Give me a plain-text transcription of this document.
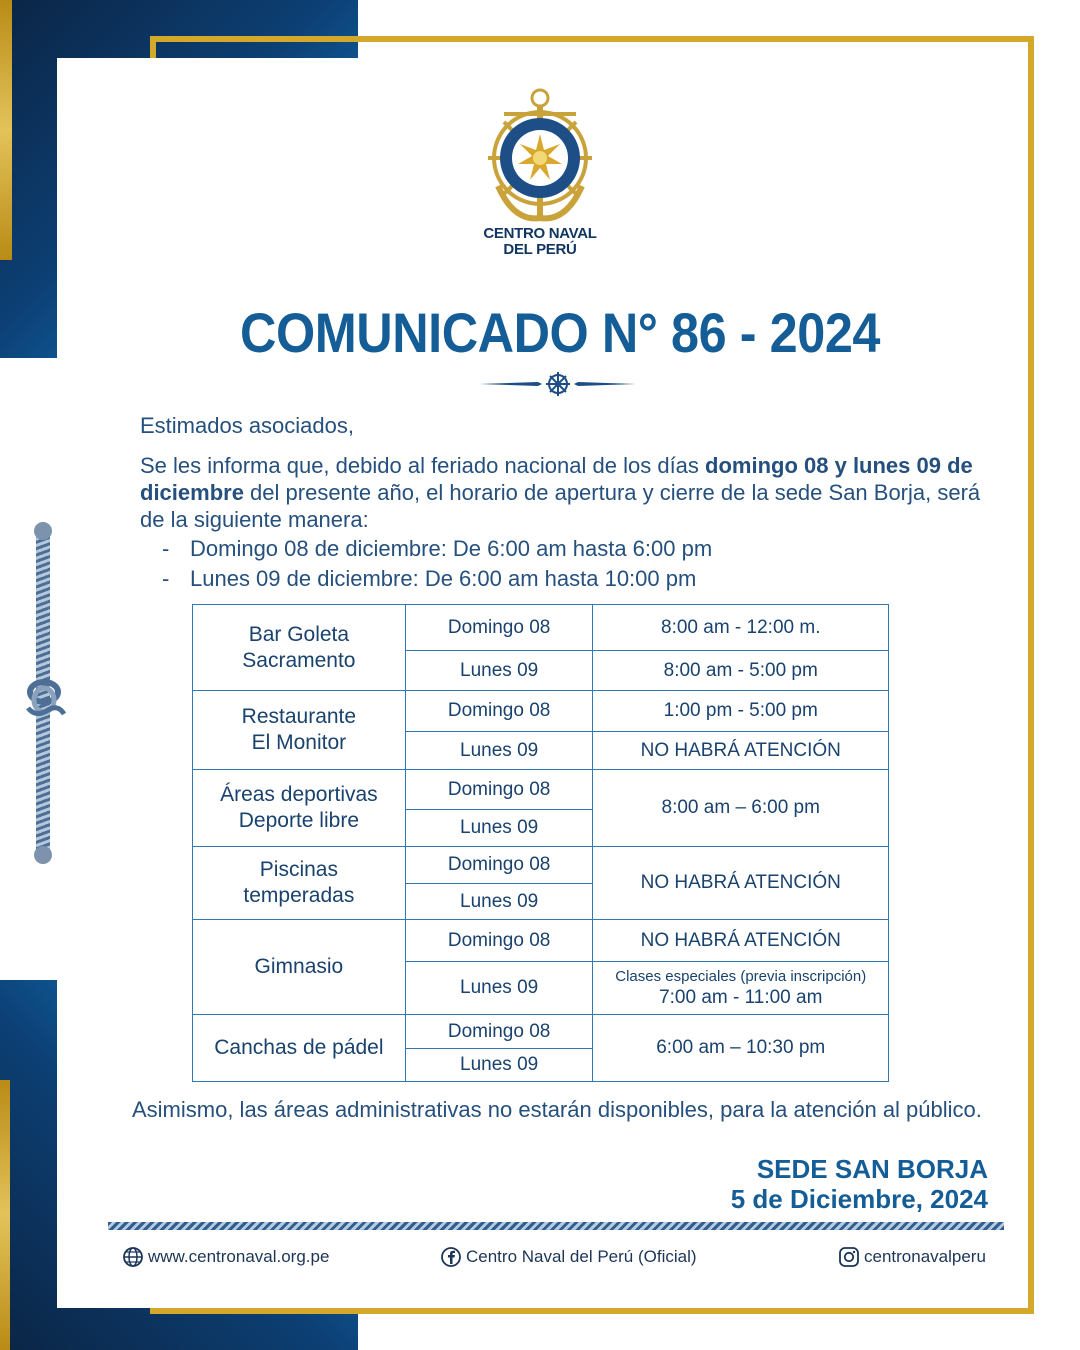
CENTRO NAVAL
DEL PERÚ
COMUNICADO N° 86 - 2024

Estimados asociados,

Se les informa que, debido al feriado nacional de los días domingo 08 y lunes 09 de diciembre del presente año, el horario de apertura y cierre de la sede San Borja, será de la siguiente manera:

- Domingo 08 de diciembre: De 6:00 am hasta 6:00 pm
- Lunes 09 de diciembre: De 6:00 am hasta 10:00 pm
Bar Goleta
Sacramento	Domingo 08	8:00 am - 12:00 m.
	Lunes 09	8:00 am - 5:00 pm
Restaurante
El Monitor	Domingo 08	1:00 pm - 5:00 pm
	Lunes 09	NO HABRÁ ATENCIÓN
Áreas deportivas
Deporte libre	Domingo 08	8:00 am – 6:00 pm
	Lunes 09	
Piscinas
temperadas	Domingo 08	NO HABRÁ ATENCIÓN
	Lunes 09	
Gimnasio	Domingo 08	NO HABRÁ ATENCIÓN
	Lunes 09	Clases especiales (previa inscripción)
7:00 am - 11:00 am
Canchas de pádel	Domingo 08	6:00 am – 10:30 pm
	Lunes 09	

Asimismo, las áreas administrativas no estarán disponibles, para la atención al público.

SEDE SAN BORJA
5 de Diciembre, 2024
www.centronaval.org.pe	Centro Naval del Perú (Oficial)	centronavalperu
